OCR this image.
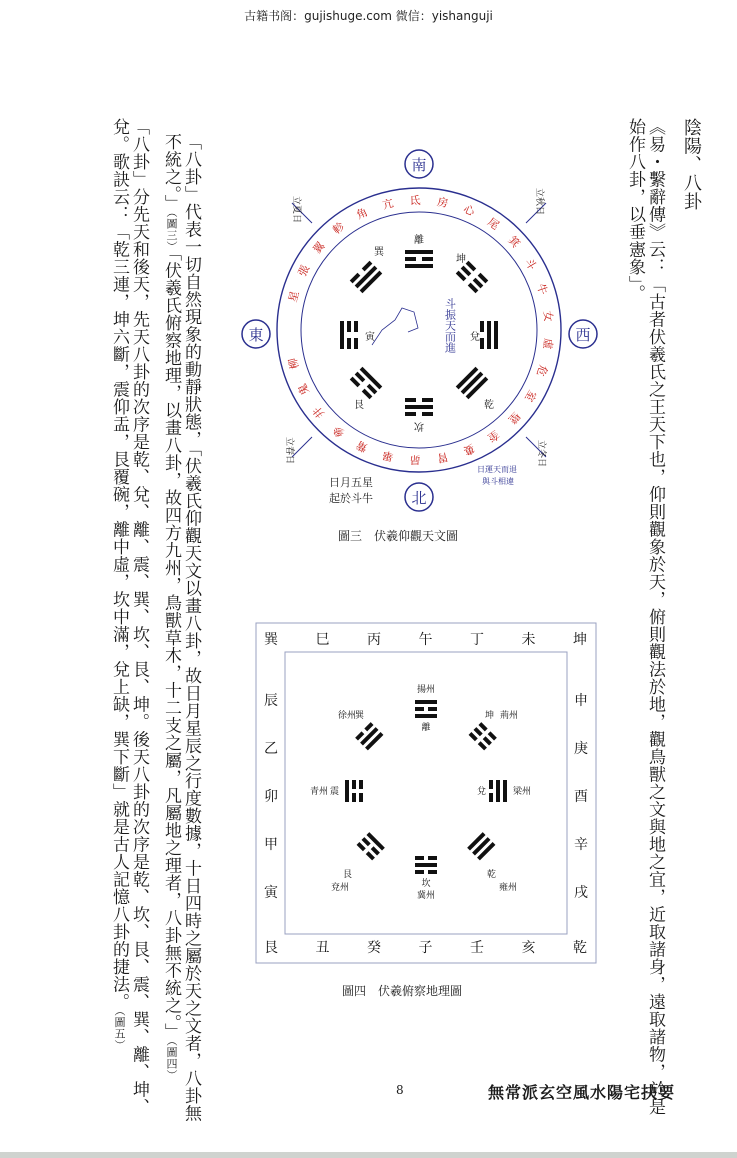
古籍书阁：gujishuge.com 微信：yishanguji
陰陽、八卦
《易・繫辭傳》云：「古者伏羲氏之王天下也，仰則觀象於天，俯則觀法於地，觀鳥獸之文與地之宜，近取諸身，遠取諸物，於是
始作八卦，以垂憲象」。
「八卦」代表一切自然現象的動靜狀態，「伏羲氏仰觀天文以畫八卦，故日月星辰之行度數據，十日四時之屬於天之文者，八卦無
不統之。」（圖三）「伏羲氏俯察地理，以畫八卦，故四方九州，鳥獸草木，十二支之屬，凡屬地之理者，八卦無不統之。」（圖四）
「八卦」分先天和後天，先天八卦的次序是乾、兌、離、震、巽、坎、艮、坤。後天八卦的次序是乾、坎、艮、震、巽、離、坤、
兌。歌訣云：「乾三連，坤六斷，震仰盂，艮覆碗，離中虛，坎中滿，兌上缺，巽下斷」就是古人記憶八卦的捷法。（圖五）
星
張
翼
軫
角
亢 氐 房 心
尾
箕
斗
牛
女
虛
危
室
壁
奎
婁
胃
昴
畢
觜
參
井
鬼
柳
南
北
東	西
立夏日	立秋日
立春日	立冬日
斗振天而進
日月五星
起於斗牛
日運天而退
與斗相違
離
坎
寅	兌
巽
坤
艮	乾
圖三　伏羲仰觀天文圖
巽	巳	丙	午	丁	未	坤
艮	丑	癸	子	壬	亥	乾
辰
乙
卯
甲
寅
申
庚
酉
辛
戌
揚州
離
坎
冀州
震
青州	兌	梁州
徐州
巽	坤 荊州
艮
兗州
乾
雍州
圖四　伏羲俯察地理圖
8	無常派玄空風水陽宅抉要
